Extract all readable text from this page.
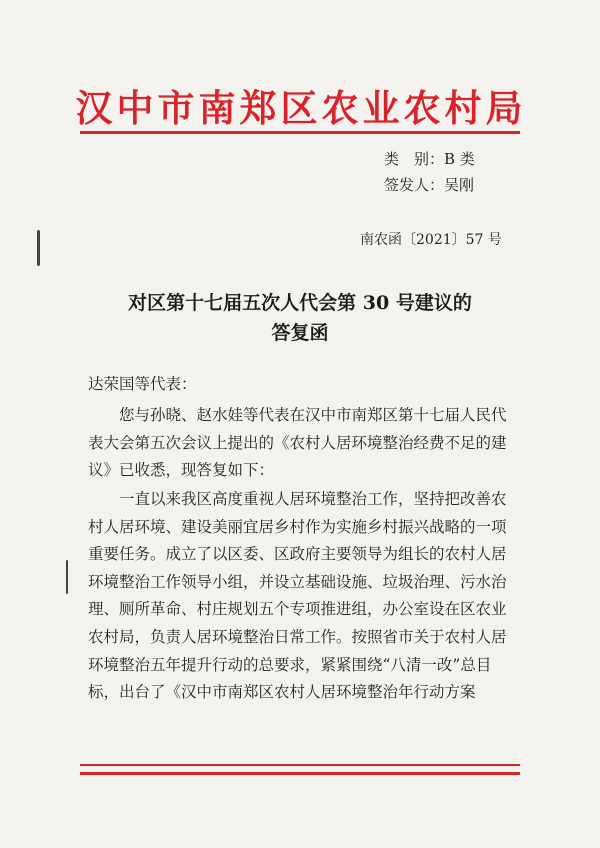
汉中市南郑区农业农村局
类　别：B 类
签发人：吴刚
南农函〔2021〕57 号
对区第十七届五次人代会第 30 号建议的
答复函
达荣国等代表：
您与孙晓、赵水娃等代表在汉中市南郑区第十七届人民代
表大会第五次会议上提出的《农村人居环境整治经费不足的建
议》已收悉，现答复如下：
一直以来我区高度重视人居环境整治工作，坚持把改善农
村人居环境、建设美丽宜居乡村作为实施乡村振兴战略的一项
重要任务。成立了以区委、区政府主要领导为组长的农村人居
环境整治工作领导小组，并设立基础设施、垃圾治理、污水治
理、厕所革命、村庄规划五个专项推进组，办公室设在区农业
农村局，负责人居环境整治日常工作。按照省市关于农村人居
环境整治五年提升行动的总要求，紧紧围绕“八清一改”总目
标，出台了《汉中市南郑区农村人居环境整治年行动方案
